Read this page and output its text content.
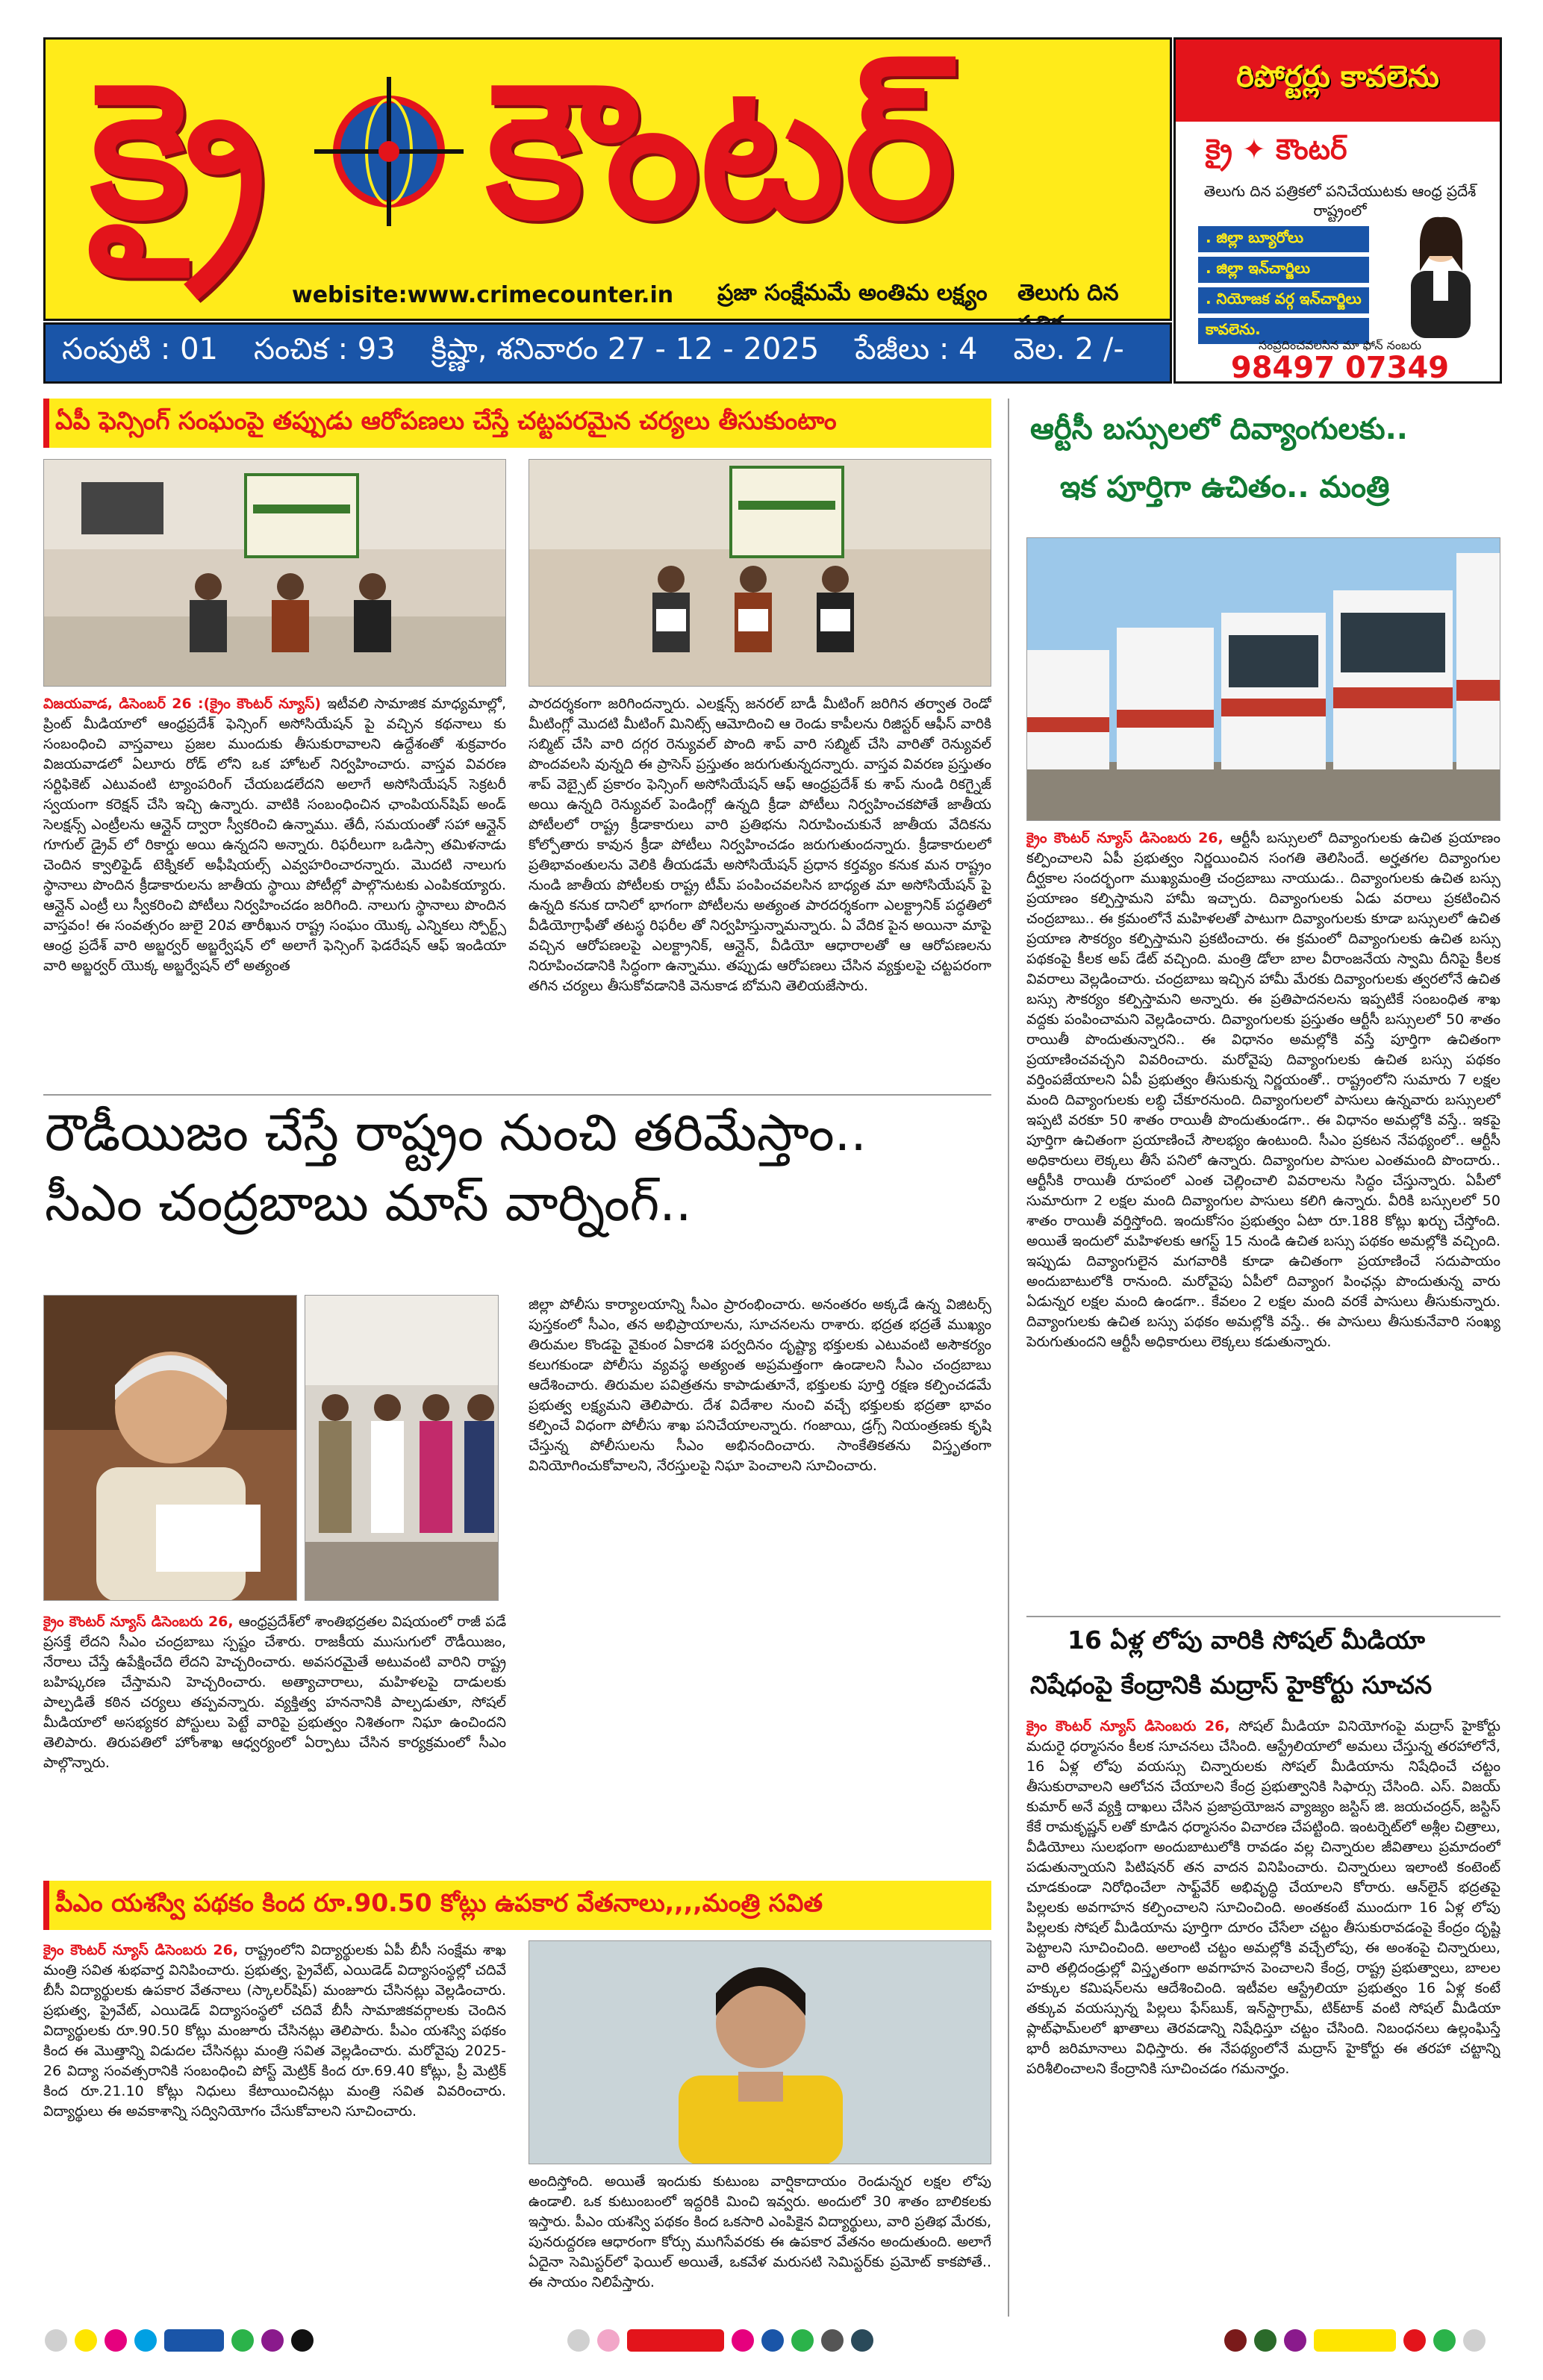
క్రై కౌంటర్
webisite:www.crimecounter.in ప్రజా సంక్షేమమే అంతిమ లక్ష్యం తెలుగు దిన
సంపుటి : 01 సంచిక : 93 క్రిష్ణా, శనివారం 27 - 12 - 2025 పేజీలు : 4 వెల. 2 /-
రిపోర్టర్లు కావలెను
క్రై ✦ కౌంటర్
తెలుగు దిన పత్రికలో పనిచేయుటకు ఆంధ్ర ప్రదేశ్ రాష్ట్రంలో
. జిల్లా బ్యూరోలు
. జిల్లా ఇన్‌చార్జిలు
. నియోజక వర్గ ఇన్‌చార్జిలు
కావలెను.
సంప్రదించవలసిన మా ఫోన్ నంబరు
98497 07349
ఏపీ ఫెన్సింగ్ సంఘంపై తప్పుడు ఆరోపణలు చేస్తే చట్టపరమైన చర్యలు తీసుకుంటాం
విజయవాడ, డిసెంబర్ 26 :(క్రైం కౌంటర్ న్యూస్) ఇటీవలి సామాజిక మాధ్యమాల్లో, ప్రింట్ మీడియాలో ఆంధ్రప్రదేశ్ ఫెన్సింగ్ అసోసియేషన్ పై వచ్చిన కథనాలు కు సంబంధించి వాస్తవాలు ప్రజల ముందుకు తీసుకురావాలని ఉద్దేశంతో శుక్రవారం విజయవాడలో ఏలూరు రోడ్ లోని ఒక హోటల్ నిర్వహించారు. వాస్తవ వివరణ సర్టిఫికెట్ ఎటువంటి ట్యాంపరింగ్ చేయబడలేదని అలాగే అసోసియేషన్ సెక్రటరీ స్వయంగా కరెక్షన్ చేసి ఇచ్చి ఉన్నారు. వాటికి సంబంధించిన ఛాంపియన్‌షిప్ అండ్ సెలక్షన్స్ ఎంట్రీలను ఆన్లైన్ ద్వారా స్వీకరించి ఉన్నాము. తేదీ, సమయంతో సహా ఆన్లైన్ గూగుల్ డ్రైవ్ లో రికార్డు అయి ఉన్నదని అన్నారు. రిఫరీలుగా ఒడిస్సా తమిళనాడు చెందిన క్వాలిఫైడ్ టెక్నికల్ అఫీషియల్స్ ఎవ్వహరించారన్నారు. మొదటి నాలుగు స్థానాలు పొందిన క్రీడాకారులను జాతీయ స్థాయి పోటీల్లో పాల్గొనుటకు ఎంపికయ్యారు. ఆన్లైన్ ఎంట్రీ లు స్వీకరించి పోటీలు నిర్వహించడం జరిగింది. నాలుగు స్థానాలు పొందిన వాస్తవం! ఈ సంవత్సరం జులై 20వ తారీఖున రాష్ట్ర సంఘం యొక్క ఎన్నికలు స్పోర్ట్స్ ఆంధ్ర ప్రదేశ్ వారి అబ్జర్వర్ అబ్జర్వేషన్ లో అలాగే ఫెన్సింగ్ ఫెడరేషన్ ఆఫ్ ఇండియా వారి అబ్జర్వర్ యొక్క అబ్జర్వేషన్ లో అత్యంత
పారదర్శకంగా జరిగిందన్నారు. ఎలక్షన్స్ జనరల్ బాడీ మీటింగ్ జరిగిన తర్వాత రెండో మీటింగ్లో మొదటి మీటింగ్ మినిట్స్ ఆమోదించి ఆ రెండు కాపీలను రిజిస్టర్ ఆఫీస్ వారికి సబ్మిట్ చేసి వారి దగ్గర రెన్యువల్ పొంది శాప్ వారి సబ్మిట్ చేసి వారితో రెన్యువల్ పొందవలసి వున్నది ఈ ప్రాసెస్ ప్రస్తుతం జరుగుతున్నదన్నారు. వాస్తవ వివరణ ప్రస్తుతం శాప్ వెబ్సైట్ ప్రకారం ఫెన్సింగ్ అసోసియేషన్ ఆఫ్ ఆంధ్రప్రదేశ్ కు శాప్ నుండి రికగ్నైజ్ అయి ఉన్నది రెన్యువల్ పెండింగ్లో ఉన్నది క్రీడా పోటీలు నిర్వహించకపోతే జాతీయ పోటీలలో రాష్ట్ర క్రీడాకారులు వారి ప్రతిభను నిరూపించుకునే జాతీయ వేదికను కోల్పోతారు కావున క్రీడా పోటీలు నిర్వహించడం జరుగుతుందన్నారు. క్రీడాకారులలో ప్రతిభావంతులను వెలికి తీయడమే అసోసియేషన్ ప్రధాన కర్తవ్యం కనుక మన రాష్ట్రం నుండి జాతీయ పోటీలకు రాష్ట్ర టీమ్ పంపించవలసిన బాధ్యత మా అసోసియేషన్ పై ఉన్నది కనుక దానిలో భాగంగా పోటీలను అత్యంత పారదర్శకంగా ఎలక్ట్రానిక్ పద్ధతిలో వీడియోగ్రాఫీతో తటస్థ రిఫరీల తో నిర్వహిస్తున్నామన్నారు. ఏ వేదిక పైన అయినా మాపై వచ్చిన ఆరోపణలపై ఎలక్ట్రానిక్, ఆన్లైన్, వీడియో ఆధారాలతో ఆ ఆరోపణలను నిరూపించడానికి సిద్ధంగా ఉన్నాము. తప్పుడు ఆరోపణలు చేసిన వ్యక్తులపై చట్టపరంగా తగిన చర్యలు తీసుకోవడానికి వెనుకాడ బోమని తెలియజేసారు.
రౌడీయిజం చేస్తే రాష్ట్రం నుంచి తరిమేస్తాం..
సీఎం చంద్రబాబు మాస్ వార్నింగ్..
క్రైం కౌంటర్ న్యూస్ డిసెంబరు 26, ఆంధ్రప్రదేశ్‌లో శాంతిభద్రతల విషయంలో రాజీ పడే ప్రసక్తే లేదని సీఎం చంద్రబాబు స్పష్టం చేశారు. రాజకీయ ముసుగులో రౌడీయిజం, నేరాలు చేస్తే ఉపేక్షించేది లేదని హెచ్చరించారు. అవసరమైతే అటువంటి వారిని రాష్ట్ర బహిష్కరణ చేస్తామని హెచ్చరించారు. అత్యాచారాలు, మహిళలపై దాడులకు పాల్పడితే కఠిన చర్యలు తప్పవన్నారు. వ్యక్తిత్వ హననానికి పాల్పడుతూ, సోషల్ మీడియాలో అసభ్యకర పోస్టులు పెట్టే వారిపై ప్రభుత్వం నిశితంగా నిఘా ఉంచిందని తెలిపారు. తిరుపతిలో హోంశాఖ ఆధ్వర్యంలో ఏర్పాటు చేసిన కార్యక్రమంలో సీఎం పాల్గొన్నారు.
జిల్లా పోలీసు కార్యాలయాన్ని సీఎం ప్రారంభించారు. అనంతరం అక్కడే ఉన్న విజిటర్స్ పుస్తకంలో సీఎం, తన అభిప్రాయాలను, సూచనలను రాశారు. భద్రత భద్రతే ముఖ్యం తిరుమల కొండపై వైకుంఠ ఏకాదశి పర్వదినం దృష్ట్యా భక్తులకు ఎటువంటి అసౌకర్యం కలుగకుండా పోలీసు వ్యవస్థ అత్యంత అప్రమత్తంగా ఉండాలని సీఎం చంద్రబాబు ఆదేశించారు. తిరుమల పవిత్రతను కాపాడుతూనే, భక్తులకు పూర్తి రక్షణ కల్పించడమే ప్రభుత్వ లక్ష్యమని తెలిపారు. దేశ విదేశాల నుంచి వచ్చే భక్తులకు భద్రతా భావం కల్పించే విధంగా పోలీసు శాఖ పనిచేయాలన్నారు. గంజాయి, డ్రగ్స్ నియంత్రణకు కృషి చేస్తున్న పోలీసులను సీఎం అభినందించారు. సాంకేతికతను విస్తృతంగా వినియోగించుకోవాలని, నేరస్తులపై నిఘా పెంచాలని సూచించారు.
పీఎం యశస్వి పథకం కింద రూ.90.50 కోట్లు ఉపకార వేతనాలు,,,,మంత్రి సవిత
క్రైం కౌంటర్ న్యూస్ డిసెంబరు 26, రాష్ట్రంలోని విద్యార్థులకు ఏపీ బీసీ సంక్షేమ శాఖ మంత్రి సవిత శుభవార్త వినిపించారు. ప్రభుత్వ, ప్రైవేట్, ఎయిడెడ్ విద్యాసంస్థల్లో చదివే బీసీ విద్యార్థులకు ఉపకార వేతనాలు (స్కాలర్‌షిప్) మంజూరు చేసినట్లు వెల్లడించారు. ప్రభుత్వ, ప్రైవేట్, ఎయిడెడ్ విద్యాసంస్థలో చదివే బీసీ సామాజికవర్గాలకు చెందిన విద్యార్థులకు రూ.90.50 కోట్లు మంజూరు చేసినట్లు తెలిపారు. పీఎం యశస్వి పథకం కింద ఈ మొత్తాన్ని విడుదల చేసినట్లు మంత్రి సవిత వెల్లడించారు. మరోవైపు 2025-26 విద్యా సంవత్సరానికి సంబంధించి పోస్ట్ మెట్రిక్ కింద రూ.69.40 కోట్లు, ప్రీ మెట్రిక్ కింద రూ.21.10 కోట్లు నిధులు కేటాయించినట్లు మంత్రి సవిత వివరించారు. విద్యార్థులు ఈ అవకాశాన్ని సద్వినియోగం చేసుకోవాలని సూచించారు.
అందిస్తోంది. అయితే ఇందుకు కుటుంబ వార్షికాదాయం రెండున్నర లక్షల లోపు ఉండాలి. ఒక కుటుంబంలో ఇద్దరికి మించి ఇవ్వరు. అందులో 30 శాతం బాలికలకు ఇస్తారు. పీఎం యశస్వి పథకం కింద ఒకసారి ఎంపికైన విద్యార్థులు, వారి ప్రతిభ మేరకు, పునరుద్దరణ ఆధారంగా కోర్సు ముగిసేవరకు ఈ ఉపకార వేతనం అందుతుంది. అలాగే ఏదైనా సెమిస్టర్‌లో ఫెయిల్ అయితే, ఒకవేళ మరుసటి సెమిస్టర్‌కు ప్రమోట్ కాకపోతే.. ఈ సాయం నిలిపేస్తారు.
ఆర్టీసీ బస్సులలో దివ్యాంగులకు..
ఇక పూర్తిగా ఉచితం.. మంత్రి
క్రైం కౌంటర్ న్యూస్ డిసెంబరు 26, ఆర్టీసీ బస్సులలో దివ్యాంగులకు ఉచిత ప్రయాణం కల్పించాలని ఏపీ ప్రభుత్వం నిర్ణయించిన సంగతి తెలిసిందే. అర్హతగల దివ్యాంగుల దీర్ఘకాల సందర్భంగా ముఖ్యమంత్రి చంద్రబాబు నాయుడు.. దివ్యాంగులకు ఉచిత బస్సు ప్రయాణం కల్పిస్తామని హామీ ఇచ్చారు. దివ్యాంగులకు ఏడు వరాలు ప్రకటించిన చంద్రబాబు.. ఈ క్రమంలోనే మహిళలతో పాటుగా దివ్యాంగులకు కూడా బస్సులలో ఉచిత ప్రయాణ సౌకర్యం కల్పిస్తామని ప్రకటించారు. ఈ క్రమంలో దివ్యాంగులకు ఉచిత బస్సు పథకంపై కీలక అప్ డేట్ వచ్చింది. మంత్రి డోలా బాల వీరాంజనేయ స్వామి దీనిపై కీలక వివరాలు వెల్లడించారు. చంద్రబాబు ఇచ్చిన హామీ మేరకు దివ్యాంగులకు త్వరలోనే ఉచిత బస్సు సౌకర్యం కల్పిస్తామని అన్నారు. ఈ ప్రతిపాదనలను ఇప్పటికే సంబంధిత శాఖ వద్దకు పంపించామని వెల్లడించారు. దివ్యాంగులకు ప్రస్తుతం ఆర్టీసీ బస్సులలో 50 శాతం రాయితీ పొందుతున్నారని.. ఈ విధానం అమల్లోకి వస్తే పూర్తిగా ఉచితంగా ప్రయాణించవచ్చని వివరించారు. మరోవైపు దివ్యాంగులకు ఉచిత బస్సు పథకం వర్తింపజేయాలని ఏపీ ప్రభుత్వం తీసుకున్న నిర్ణయంతో.. రాష్ట్రంలోని సుమారు 7 లక్షల మంది దివ్యాంగులకు లబ్ధి చేకూరనుంది. దివ్యాంగులలో పాసులు ఉన్నవారు బస్సులలో ఇప్పటి వరకూ 50 శాతం రాయితీ పొందుతుండగా.. ఈ విధానం అమల్లోకి వస్తే.. ఇకపై పూర్తిగా ఉచితంగా ప్రయాణించే సౌలభ్యం ఉంటుంది. సీఎం ప్రకటన నేపథ్యంలో.. ఆర్టీసీ అధికారులు లెక్కలు తీసే పనిలో ఉన్నారు. దివ్యాంగుల పాసుల ఎంతమంది పొందారు.. ఆర్టీసీకి రాయితీ రూపంలో ఎంత చెల్లించాలి వివరాలను సిద్ధం చేస్తున్నారు. ఏపీలో సుమారుగా 2 లక్షల మంది దివ్యాంగుల పాసులు కలిగి ఉన్నారు. వీరికి బస్సులలో 50 శాతం రాయితీ వర్తిస్తోంది. ఇందుకోసం ప్రభుత్వం ఏటా రూ.188 కోట్లు ఖర్చు చేస్తోంది. అయితే ఇందులో మహిళలకు ఆగస్ట్ 15 నుండి ఉచిత బస్సు పథకం అమల్లోకి వచ్చింది. ఇప్పుడు దివ్యాంగులైన మగవారికి కూడా ఉచితంగా ప్రయాణించే సదుపాయం అందుబాటులోకి రానుంది. మరోవైపు ఏపీలో దివ్యాంగ పింఛన్లు పొందుతున్న వారు ఏడున్నర లక్షల మంది ఉండగా.. కేవలం 2 లక్షల మంది వరకే పాసులు తీసుకున్నారు. దివ్యాంగులకు ఉచిత బస్సు పథకం అమల్లోకి వస్తే.. ఈ పాసులు తీసుకునేవారి సంఖ్య పెరుగుతుందని ఆర్టీసీ అధికారులు లెక్కలు కడుతున్నారు.
16 ఏళ్ల లోపు వారికి సోషల్ మీడియా
నిషేధంపై కేంద్రానికి మద్రాస్ హైకోర్టు సూచన
క్రైం కౌంటర్ న్యూస్ డిసెంబరు 26, సోషల్ మీడియా వినియోగంపై మద్రాస్ హైకోర్టు మదురై ధర్మాసనం కీలక సూచనలు చేసింది. ఆస్ట్రేలియాలో అమలు చేస్తున్న తరహాలోనే, 16 ఏళ్ల లోపు వయస్సు చిన్నారులకు సోషల్ మీడియాను నిషేధించే చట్టం తీసుకురావాలని ఆలోచన చేయాలని కేంద్ర ప్రభుత్వానికి సిఫార్సు చేసింది. ఎస్. విజయ్ కుమార్ అనే వ్యక్తి దాఖలు చేసిన ప్రజాప్రయోజన వ్యాజ్యం జస్టిస్ జి. జయచంద్రన్, జస్టిస్ కేకే రామకృష్ణన్ లతో కూడిన ధర్మాసనం విచారణ చేపట్టింది. ఇంటర్నెట్‌లో అశ్లీల చిత్రాలు, వీడియోలు సులభంగా అందుబాటులోకి రావడం వల్ల చిన్నారుల జీవితాలు ప్రమాదంలో పడుతున్నాయని పిటిషనర్ తన వాదన వినిపించారు. చిన్నారులు ఇలాంటి కంటెంట్ చూడకుండా నిరోధించేలా సాఫ్ట్‌వేర్ అభివృద్ధి చేయాలని కోరారు. ఆన్‌లైన్ భద్రతపై పిల్లలకు అవగాహన కల్పించాలని సూచించింది. అంతకంటే ముందుగా 16 ఏళ్ల లోపు పిల్లలకు సోషల్ మీడియాను పూర్తిగా దూరం చేసేలా చట్టం తీసుకురావడంపై కేంద్రం దృష్టి పెట్టాలని సూచించింది. అలాంటి చట్టం అమల్లోకి వచ్చేలోపు, ఈ అంశంపై చిన్నారులు, వారి తల్లిదండ్రుల్లో విస్తృతంగా అవగాహన పెంచాలని కేంద్ర, రాష్ట్ర ప్రభుత్వాలు, బాలల హక్కుల కమిషన్‌లను ఆదేశించింది. ఇటీవల ఆస్ట్రేలియా ప్రభుత్వం 16 ఏళ్ల కంటే తక్కువ వయస్సున్న పిల్లలు ఫేస్‌బుక్, ఇన్‌స్టాగ్రామ్, టిక్‌టాక్ వంటి సోషల్ మీడియా ప్లాట్‌ఫామ్‌లలో ఖాతాలు తెరవడాన్ని నిషేధిస్తూ చట్టం చేసింది. నిబంధనలు ఉల్లంఘిస్తే భారీ జరిమానాలు విధిస్తారు. ఈ నేపథ్యంలోనే మద్రాస్ హైకోర్టు ఈ తరహా చట్టాన్ని పరిశీలించాలని కేంద్రానికి సూచించడం గమనార్హం.
